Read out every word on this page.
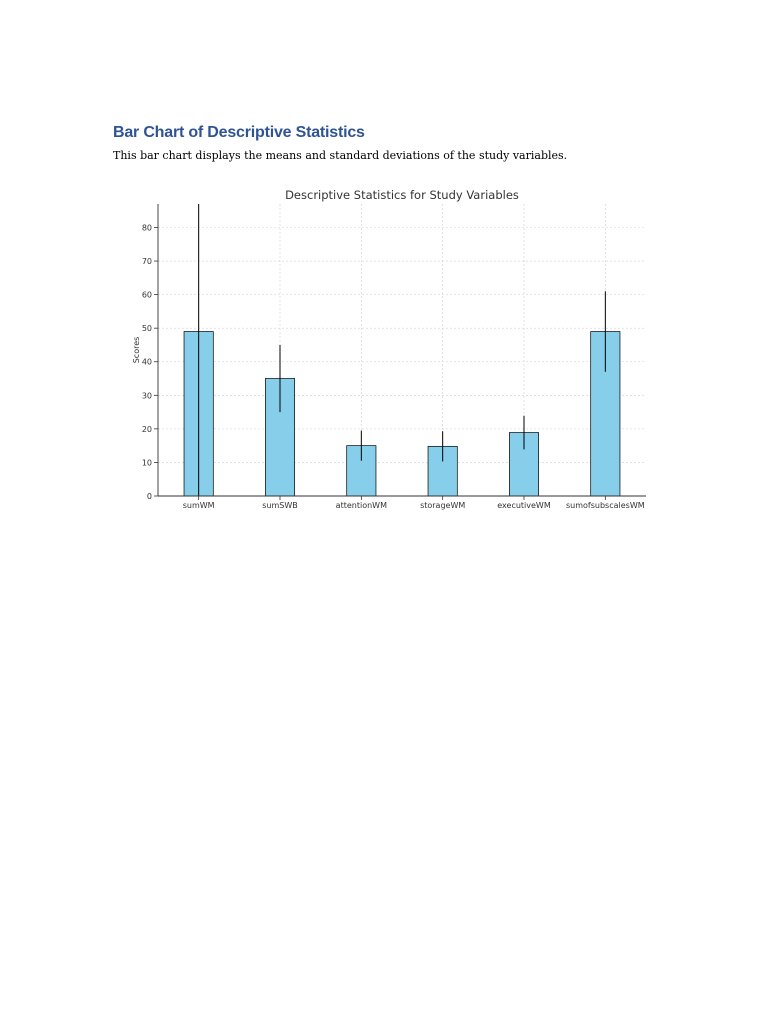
Bar Chart of Descriptive Statistics

This bar chart displays the means and standard deviations of the study variables.

Descriptive Statistics for Study Variables
Scores
0
10
20
30
40
50
60
70
80
sumWM	sumSWB	attentionWM	storageWM	executiveWM sumofsubscalesWM
